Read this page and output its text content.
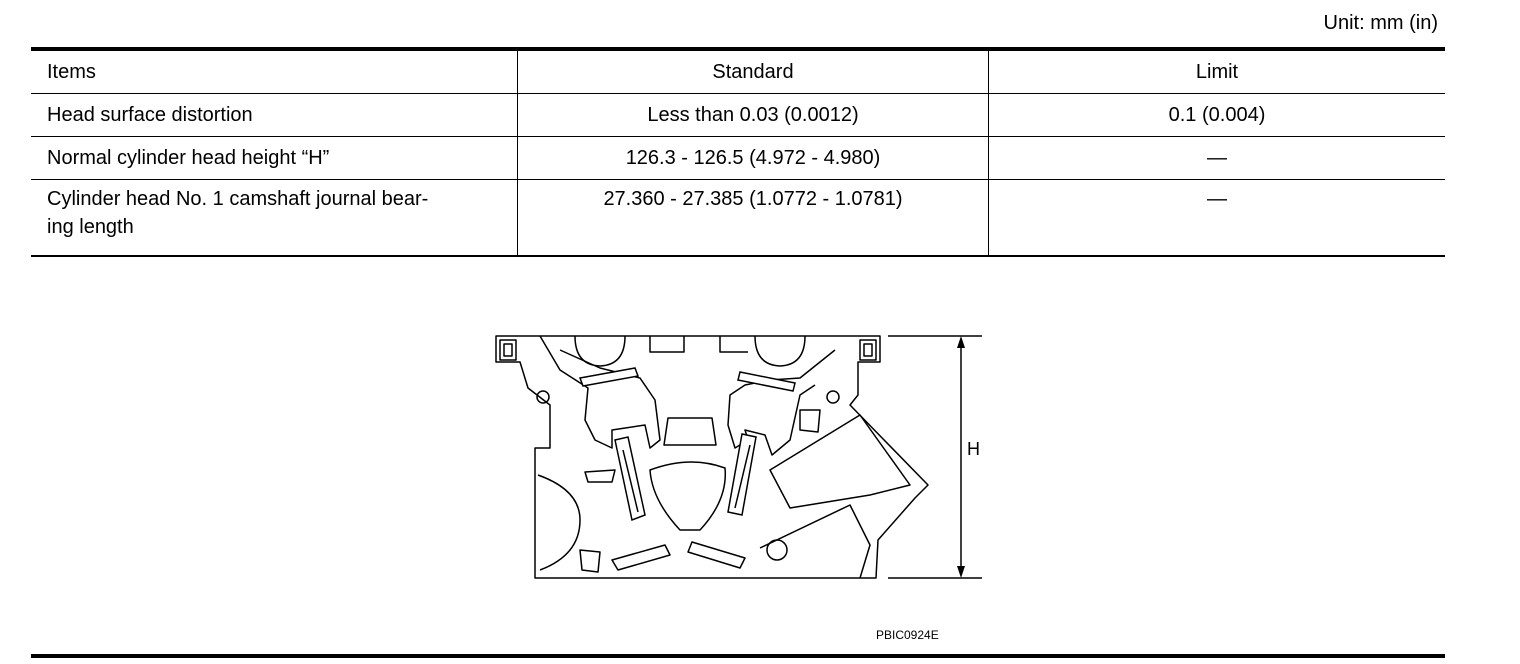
Unit: mm (in)
Items	Standard	Limit
Head surface distortion	Less than 0.03 (0.0012)	0.1 (0.004)
Normal cylinder head height “H”	126.3 - 126.5 (4.972 - 4.980)	—
Cylinder head No. 1 camshaft journal bear-
ing length	27.360 - 27.385 (1.0772 - 1.0781)	—
H
PBIC0924E
